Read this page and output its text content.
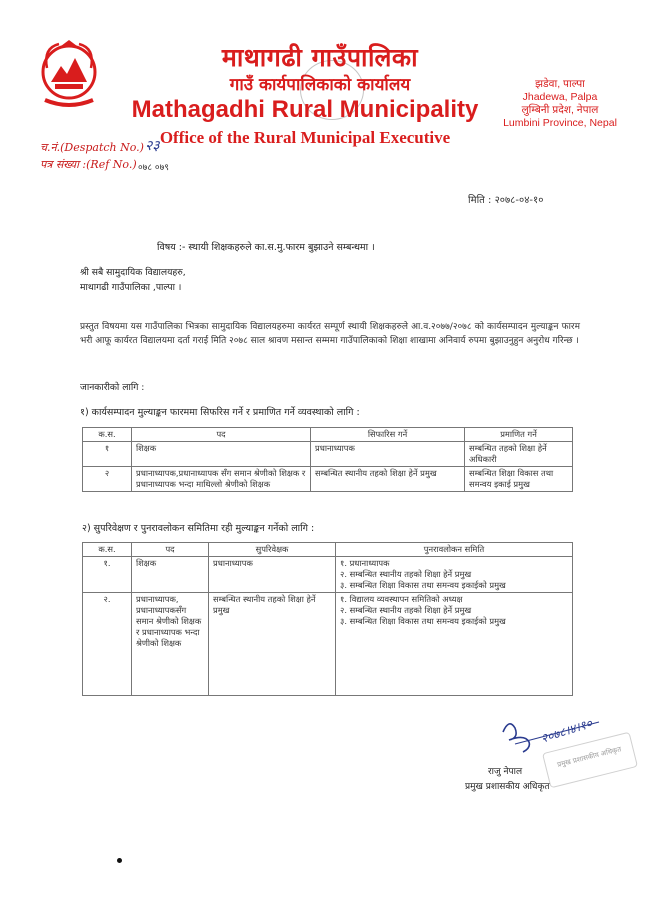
माथागढी गाउँपालिका
गाउँ कार्यपालिकाको कार्यालय
Mathagadhi Rural Municipality
Office of the Rural Municipal Executive
झडेवा, पाल्पा
Jhadewa, Palpa
लुम्बिनी प्रदेश, नेपाल
Lumbini Province, Nepal
च.नं.(Despatch No.) २३
पत्र संख्या :(Ref No.) ०७८ ०७९
मिति : २०७८-०४-१०
विषय :- स्थायी शिक्षकहरुले का.स.मु.फारम बुझाउने सम्बन्धमा ।
श्री सबै सामुदायिक विद्यालयहरु,
माथागढी गाउँपालिका ,पाल्पा ।
प्रस्तुत विषयमा यस गाउँपालिका भित्रका सामुदायिक विद्यालयहरुमा कार्यरत सम्पूर्ण स्थायी शिक्षकहरुले आ.व.२०७७/२०७८ को कार्यसम्पादन मुल्याङ्कन फारम भरी आफू कार्यरत विद्यालयमा दर्ता गराई मिति २०७८ साल श्रावण मसान्त सम्ममा गाउँपालिकाको शिक्षा शाखामा अनिवार्य रुपमा बुझाउनुहुन अनुरोध गरिन्छ ।
जानकारीको लागि :
१) कार्यसम्पादन मुल्याङ्कन फारममा सिफरिस गर्ने र प्रमाणित गर्ने व्यवस्थाको लागि :
क.स.	पद	सिफारिस गर्ने	प्रमाणित गर्ने
१	शिक्षक	प्रधानाध्यापक	सम्बन्धित तहको शिक्षा हेर्ने अधिकारी
२	प्रधानाध्यापक,प्रधानाध्यापक सँग समान श्रेणीको शिक्षक र प्रधानाध्यापक भन्दा माथिल्लो श्रेणीको शिक्षक	सम्बन्धित स्थानीय तहको शिक्षा हेर्ने प्रमुख	सम्बन्धित शिक्षा विकास तथा समन्वय इकाई प्रमुख
२) सुपरिवेक्षण र पुनरावलोकन समितिमा रही मुल्याङ्कन गर्नेको लागि :
क.स.	पद	सुपरिवेक्षक	पुनरावलोकन समिति
१.	शिक्षक	प्रधानाध्यापक	१. प्रधानाध्यापक
२. सम्बन्धित स्थानीय तहको शिक्षा हेर्ने प्रमुख
३. सम्बन्धित शिक्षा विकास तथा समन्वय इकाईको प्रमुख
२.	प्रधानाध्यापक, प्रधानाध्यापकसँग समान श्रेणीको शिक्षक र प्रधानाध्यापक भन्दा श्रेणीको शिक्षक	सम्बन्धित स्थानीय तहको शिक्षा हेर्ने प्रमुख	१. विद्यालय व्यवस्थापन समितिको अध्यक्ष
२. सम्बन्धित स्थानीय तहको शिक्षा हेर्ने प्रमुख
३. सम्बन्धित शिक्षा विकास तथा समन्वय इकाईको प्रमुख
२०७८।४।१०
प्रमुख प्रशासकीय अधिकृत
राजु नेपाल
प्रमुख प्रशासकीय अधिकृत
